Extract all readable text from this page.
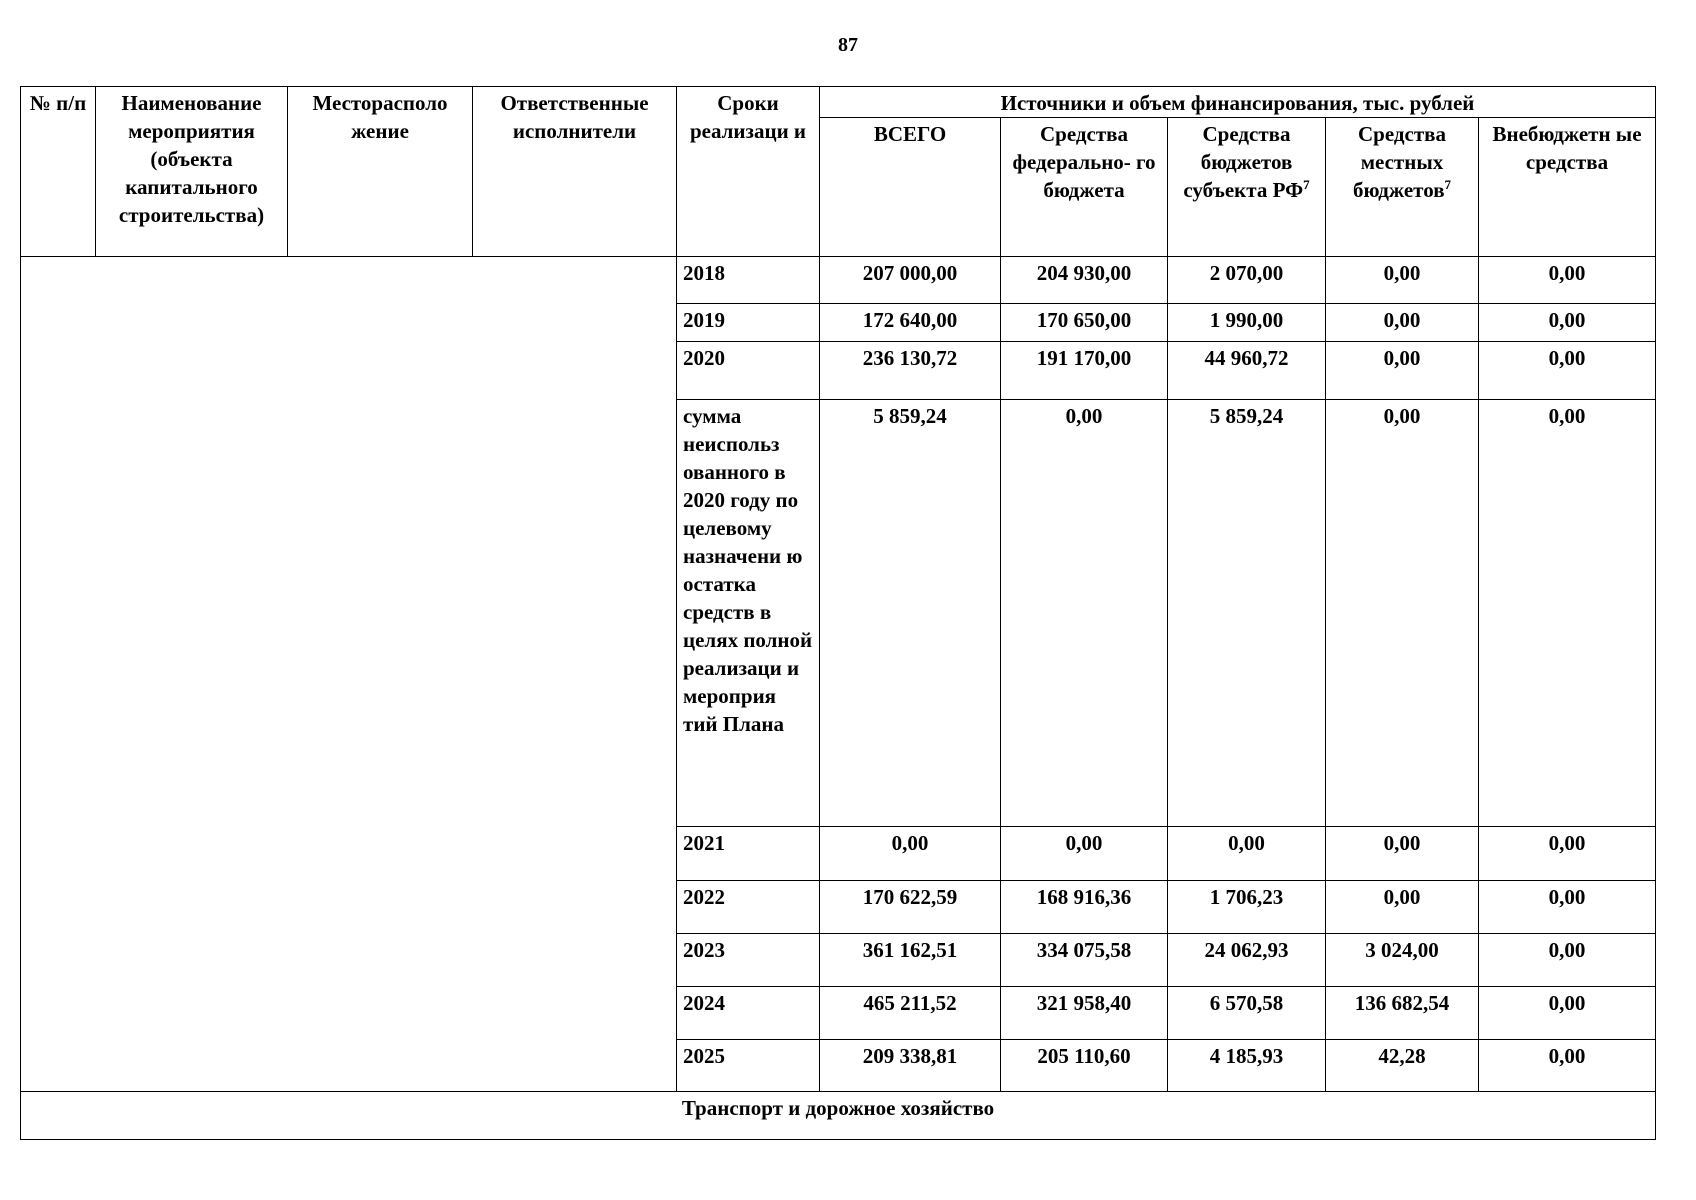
87
№ п/п	Наименование мероприятия (объекта капитального строительства)	Месторасполо жение	Ответственные исполнители	Сроки реализаци и	Источники и объем финансирования, тыс. рублей				
					ВСЕГО	Средства федерально- го бюджета	Средства бюджетов субъекта $РФ^7$	Средства местных бюджетов$^7$	Внебюджетн ые средства
				2018	207 000,00	204 930,00	2 070,00	0,00	0,00
				2019	172 640,00	170 650,00	1 990,00	0,00	0,00
				2020	236 130,72	191 170,00	44 960,72	0,00	0,00
				сумма неиспольз ованного в 2020 году по целевому назначени ю остатка средств в целях полной реализаци и мероприя тий Плана	5 859,24	0,00	5 859,24	0,00	0,00
				2021	0,00	0,00	0,00	0,00	0,00
				2022	170 622,59	168 916,36	1 706,23	0,00	0,00
				2023	361 162,51	334 075,58	24 062,93	3 024,00	0,00
				2024	465 211,52	321 958,40	6 570,58	136 682,54	0,00
				2025	209 338,81	205 110,60	4 185,93	42,28	0,00
Транспорт и дорожное хозяйство									
